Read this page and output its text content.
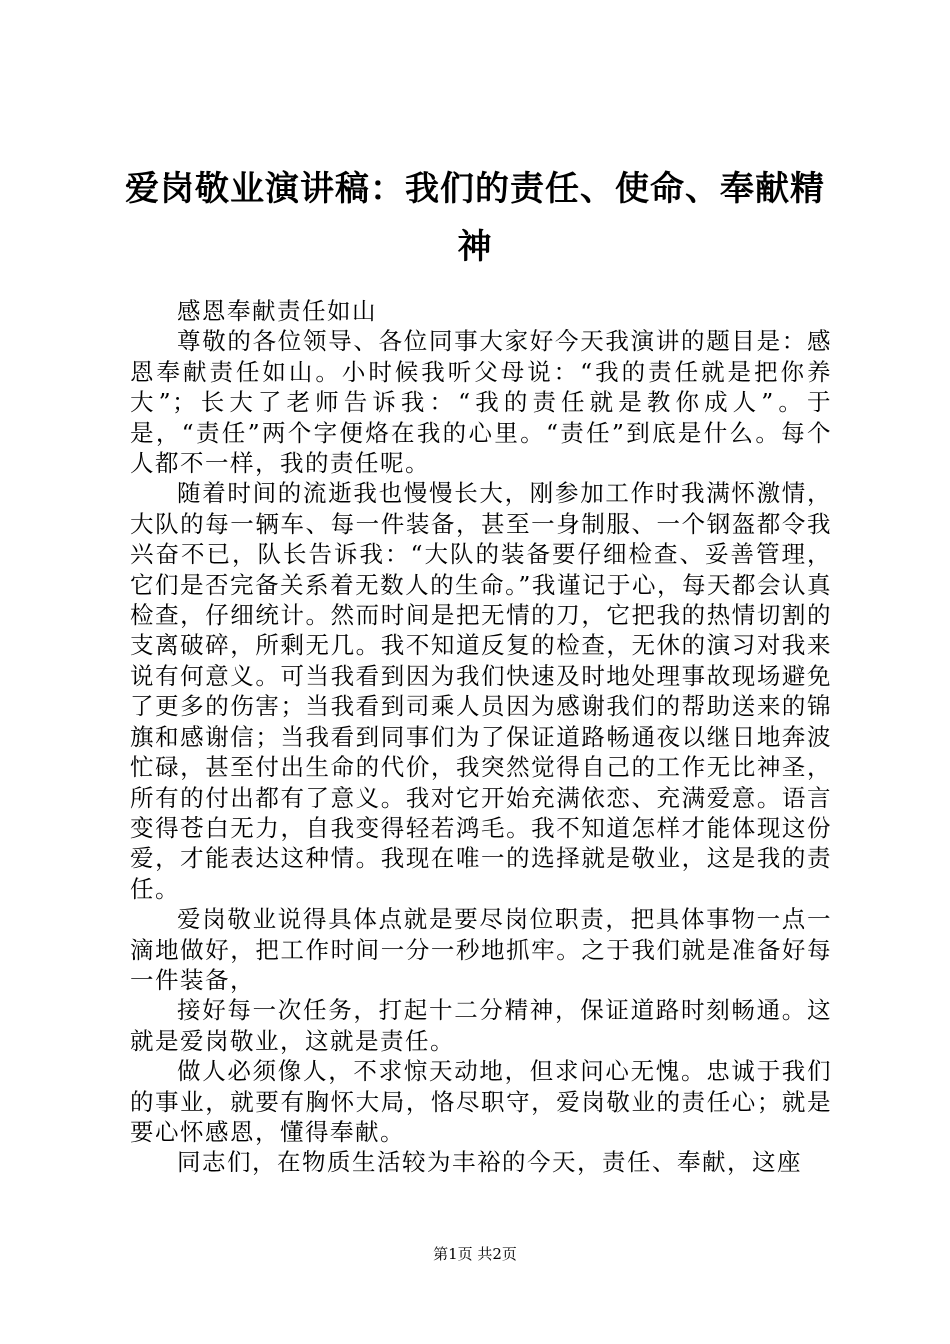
爱岗敬业演讲稿：我们的责任、使命、奉献精神

感恩奉献责任如山

尊敬的各位领导、各位同事大家好今天我演讲的题目是：感恩奉献责任如山。小时候我听父母说：“我的责任就是把你养大”；长大了老师告诉我：“我的责任就是教你成人”。于是，“责任”两个字便烙在我的心里。“责任”到底是什么。每个人都不一样，我的责任呢。

随着时间的流逝我也慢慢长大，刚参加工作时我满怀激情，大队的每一辆车、每一件装备，甚至一身制服、一个钢盔都令我兴奋不已，队长告诉我：“大队的装备要仔细检查、妥善管理，它们是否完备关系着无数人的生命。”我谨记于心，每天都会认真检查，仔细统计。然而时间是把无情的刀，它把我的热情切割的支离破碎，所剩无几。我不知道反复的检查，无休的演习对我来说有何意义。可当我看到因为我们快速及时地处理事故现场避免了更多的伤害；当我看到司乘人员因为感谢我们的帮助送来的锦旗和感谢信；当我看到同事们为了保证道路畅通夜以继日地奔波忙碌，甚至付出生命的代价，我突然觉得自己的工作无比神圣，所有的付出都有了意义。我对它开始充满依恋、充满爱意。语言变得苍白无力，自我变得轻若鸿毛。我不知道怎样才能体现这份爱，才能表达这种情。我现在唯一的选择就是敬业，这是我的责任。

爱岗敬业说得具体点就是要尽岗位职责，把具体事物一点一滴地做好，把工作时间一分一秒地抓牢。之于我们就是准备好每一件装备，

接好每一次任务，打起十二分精神，保证道路时刻畅通。这就是爱岗敬业，这就是责任。

做人必须像人，不求惊天动地，但求问心无愧。忠诚于我们的事业，就要有胸怀大局，恪尽职守，爱岗敬业的责任心；就是要心怀感恩，懂得奉献。

同志们，在物质生活较为丰裕的今天，责任、奉献，这座

第1页 共2页
